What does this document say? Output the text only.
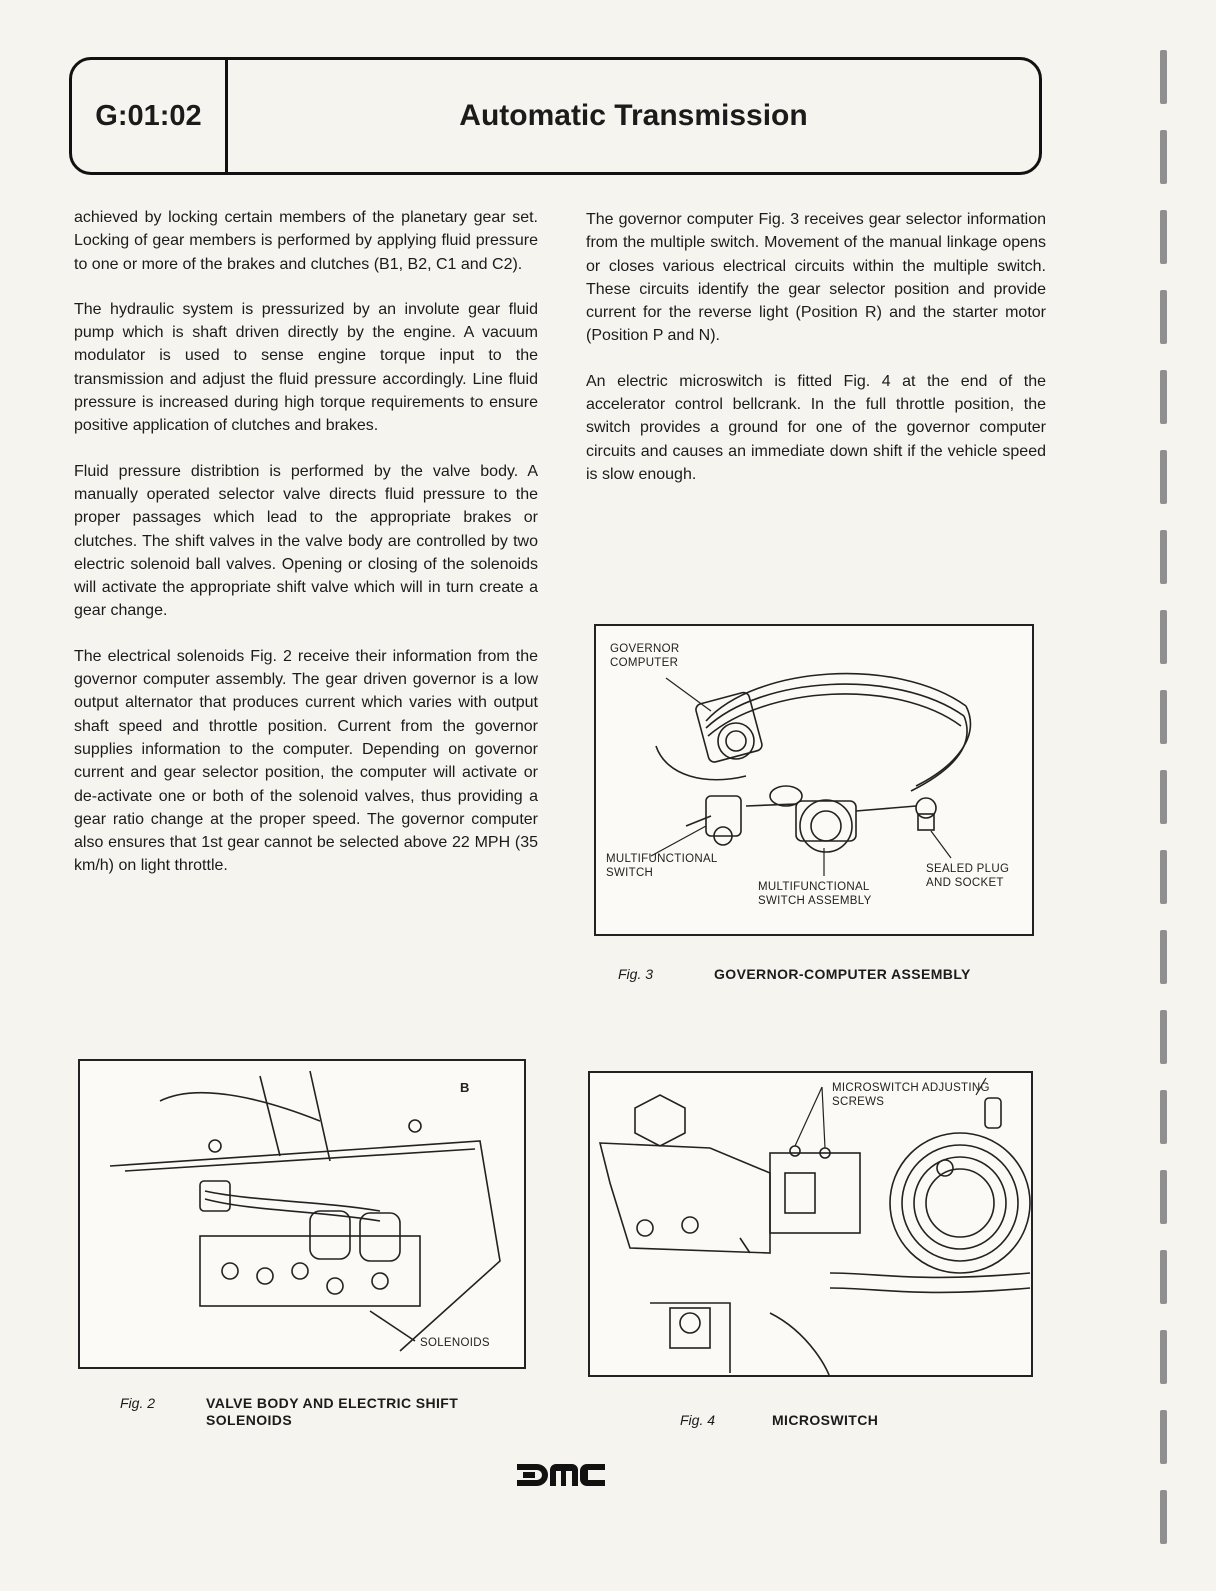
G:01:02	Automatic Transmission

achieved by locking certain members of the planetary gear set. Locking of gear members is performed by applying fluid pressure to one or more of the brakes and clutches (B1, B2, C1 and C2).

The hydraulic system is pressurized by an involute gear fluid pump which is shaft driven directly by the engine. A vacuum modulator is used to sense engine torque input to the transmission and adjust the fluid pressure accordingly. Line fluid pressure is increased during high torque requirements to ensure positive application of clutches and brakes.

Fluid pressure distribtion is performed by the valve body. A manually operated selector valve directs fluid pressure to the proper passages which lead to the appropriate brakes or clutches. The shift valves in the valve body are controlled by two electric solenoid ball valves. Opening or closing of the solenoids will activate the appropriate shift valve which will in turn create a gear change.

The electrical solenoids Fig. 2 receive their information from the governor computer assembly. The gear driven governor is a low output alternator that produces current which varies with output shaft speed and throttle position. Current from the governor supplies information to the computer. Depending on governor current and gear selector position, the computer will activate or de-activate one or both of the solenoid valves, thus providing a gear ratio change at the proper speed. The governor computer also ensures that 1st gear cannot be selected above 22 MPH (35 km/h) on light throttle.

The governor computer Fig. 3 receives gear selector information from the multiple switch. Movement of the manual linkage opens or closes various electrical circuits within the multiple switch. These circuits identify the gear selector position and provide current for the reverse light (Position R) and the starter motor (Position P and N).

An electric microswitch is fitted Fig. 4 at the end of the accelerator control bellcrank. In the full throttle position, the switch provides a ground for one of the governor computer circuits and causes an immediate down shift if the vehicle speed is slow enough.

GOVERNOR COMPUTER
MULTIFUNCTIONAL SWITCH
MULTIFUNCTIONAL SWITCH ASSEMBLY
SEALED PLUG AND SOCKET
Fig. 3	GOVERNOR-COMPUTER ASSEMBLY
B
SOLENOIDS
Fig. 2	VALVE BODY AND ELECTRIC SHIFT SOLENOIDS
MICROSWITCH ADJUSTING SCREWS
Fig. 4	MICROSWITCH
